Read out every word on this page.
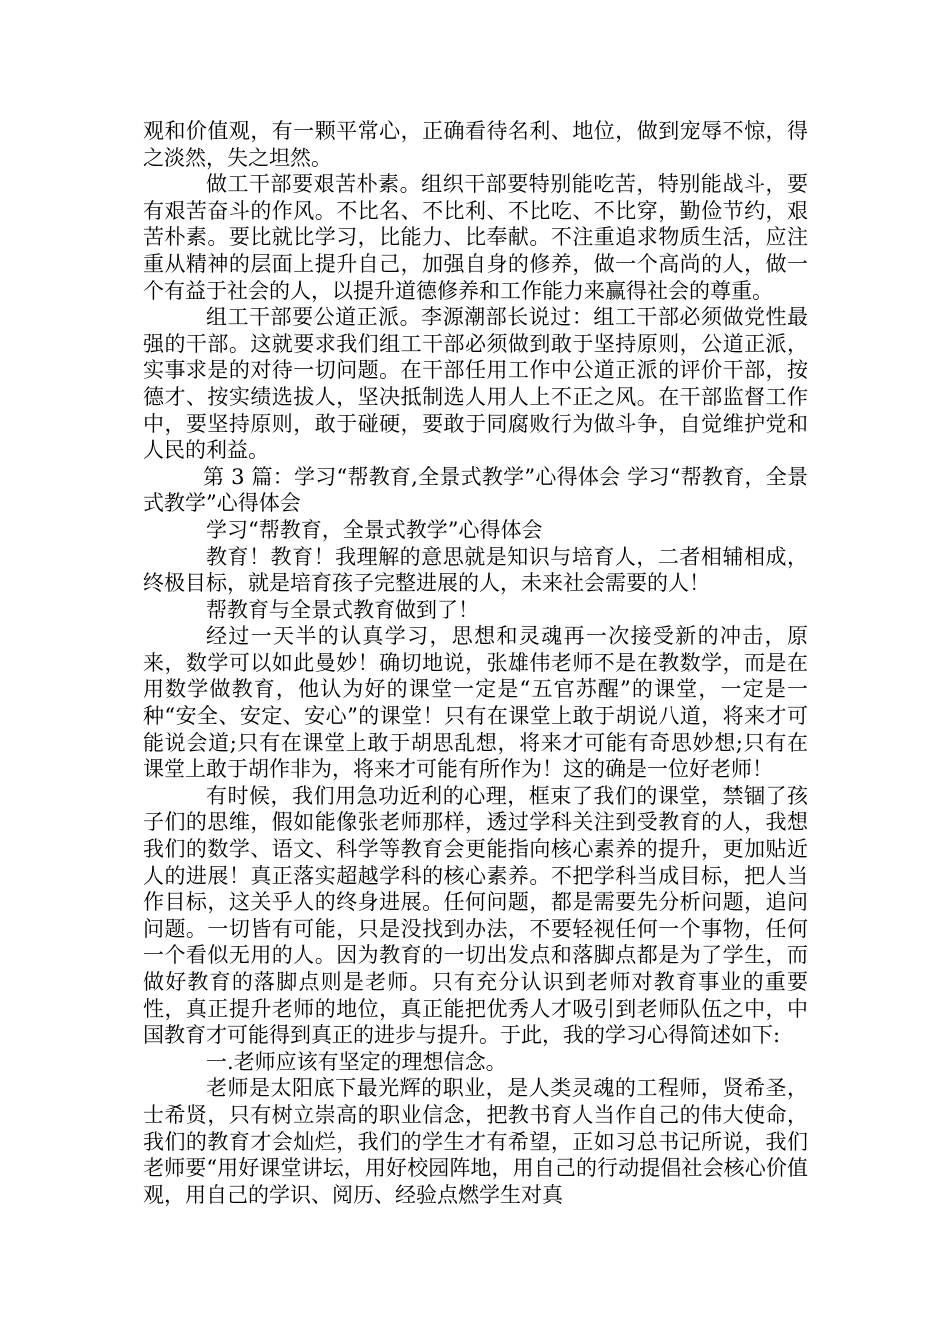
观和价值观，有一颗平常心，正确看待名利、地位，做到宠辱不惊，得之淡然，失之坦然。

做工干部要艰苦朴素。组织干部要特别能吃苦，特别能战斗，要有艰苦奋斗的作风。不比名、不比利、不比吃、不比穿，勤俭节约，艰苦朴素。要比就比学习，比能力、比奉献。不注重追求物质生活，应注重从精神的层面上提升自己，加强自身的修养，做一个高尚的人，做一个有益于社会的人，以提升道德修养和工作能力来赢得社会的尊重。

组工干部要公道正派。李源潮部长说过：组工干部必须做党性最强的干部。这就要求我们组工干部必须做到敢于坚持原则，公道正派，实事求是的对待一切问题。在干部任用工作中公道正派的评价干部，按德才、按实绩选拔人，坚决抵制选人用人上不正之风。在干部监督工作中，要坚持原则，敢于碰硬，要敢于同腐败行为做斗争，自觉维护党和人民的利益。

第 3 篇：学习“帮教育,全景式教学”心得体会 学习“帮教育，全景式教学”心得体会

学习“帮教育，全景式教学”心得体会

教育！教育！我理解的意思就是知识与培育人，二者相辅相成，终极目标，就是培育孩子完整进展的人，未来社会需要的人！

帮教育与全景式教育做到了！

经过一天半的认真学习，思想和灵魂再一次接受新的冲击，原来，数学可以如此曼妙！确切地说，张雄伟老师不是在教数学，而是在用数学做教育，他认为好的课堂一定是“五官苏醒”的课堂，一定是一种“安全、安定、安心”的课堂！只有在课堂上敢于胡说八道，将来才可能说会道;只有在课堂上敢于胡思乱想，将来才可能有奇思妙想;只有在课堂上敢于胡作非为，将来才可能有所作为！这的确是一位好老师！

有时候，我们用急功近利的心理，框束了我们的课堂，禁锢了孩子们的思维，假如能像张老师那样，透过学科关注到受教育的人，我想我们的数学、语文、科学等教育会更能指向核心素养的提升，更加贴近人的进展！真正落实超越学科的核心素养。不把学科当成目标，把人当作目标，这关乎人的终身进展。任何问题，都是需要先分析问题，追问问题。一切皆有可能，只是没找到办法，不要轻视任何一个事物，任何一个看似无用的人。因为教育的一切出发点和落脚点都是为了学生，而做好教育的落脚点则是老师。只有充分认识到老师对教育事业的重要性，真正提升老师的地位，真正能把优秀人才吸引到老师队伍之中，中国教育才可能得到真正的进步与提升。于此，我的学习心得简述如下:

一.老师应该有坚定的理想信念。

老师是太阳底下最光辉的职业，是人类灵魂的工程师，贤希圣，士希贤，只有树立崇高的职业信念，把教书育人当作自己的伟大使命，我们的教育才会灿烂，我们的学生才有希望，正如习总书记所说，我们老师要“用好课堂讲坛，用好校园阵地，用自己的行动提倡社会核心价值观，用自己的学识、阅历、经验点燃学生对真
